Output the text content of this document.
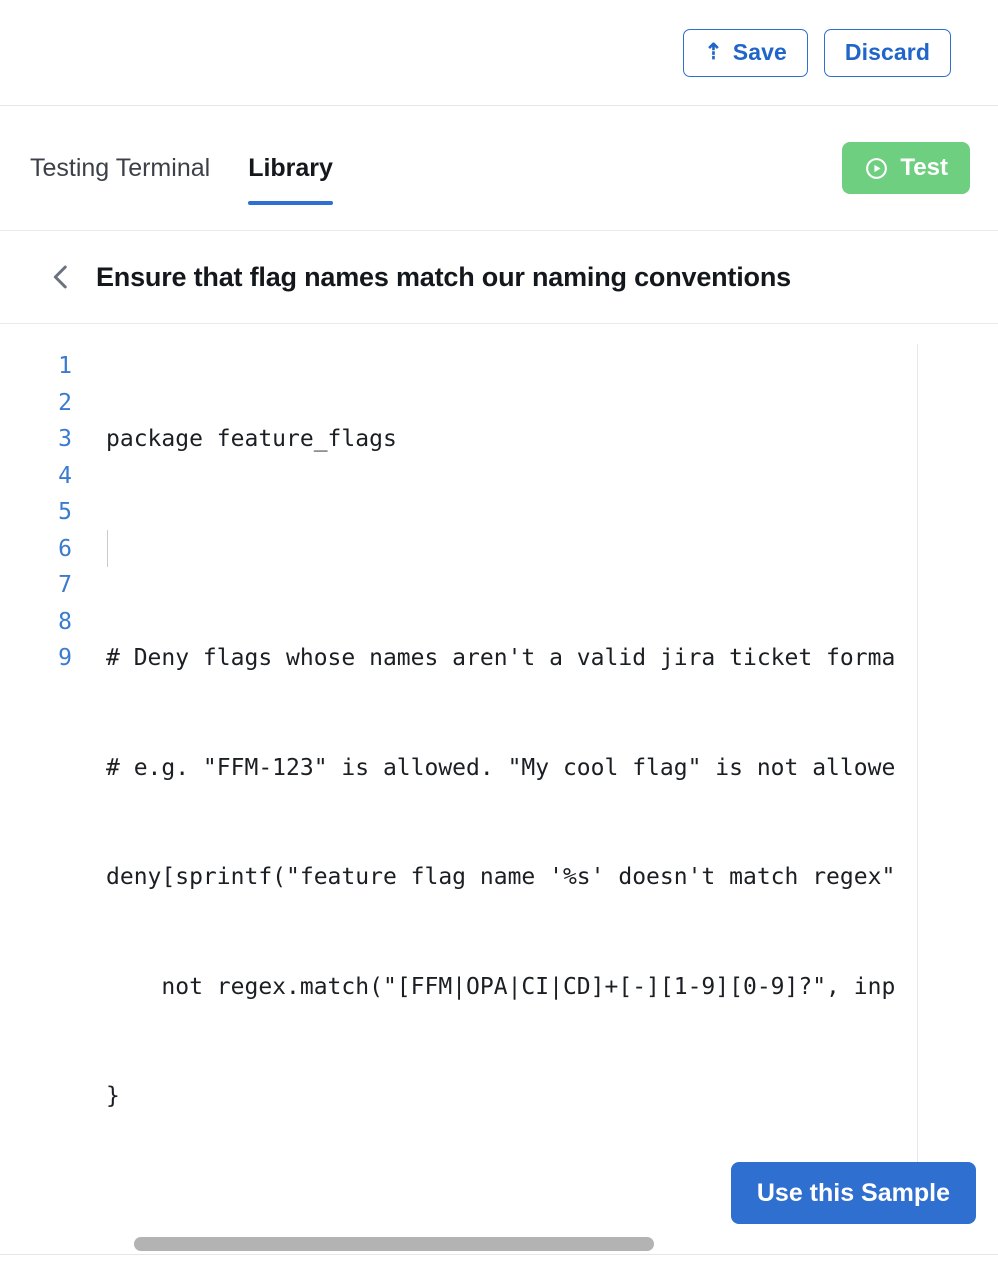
⇡ Save	Discard
Testing Terminal Library	Test
Ensure that flag names match our naming conventions
1
2
3
4
5
6
7
8
9

package feature_flags

# Deny flags whose names aren't a valid jira ticket forma

# e.g. "FFM-123" is allowed. "My cool flag" is not allowe

deny[sprintf("feature flag name '%s' doesn't match regex"

not regex.match("[FFM|OPA|CI|CD]+[-][1-9][0-9]?", inp

}

Use this Sample
